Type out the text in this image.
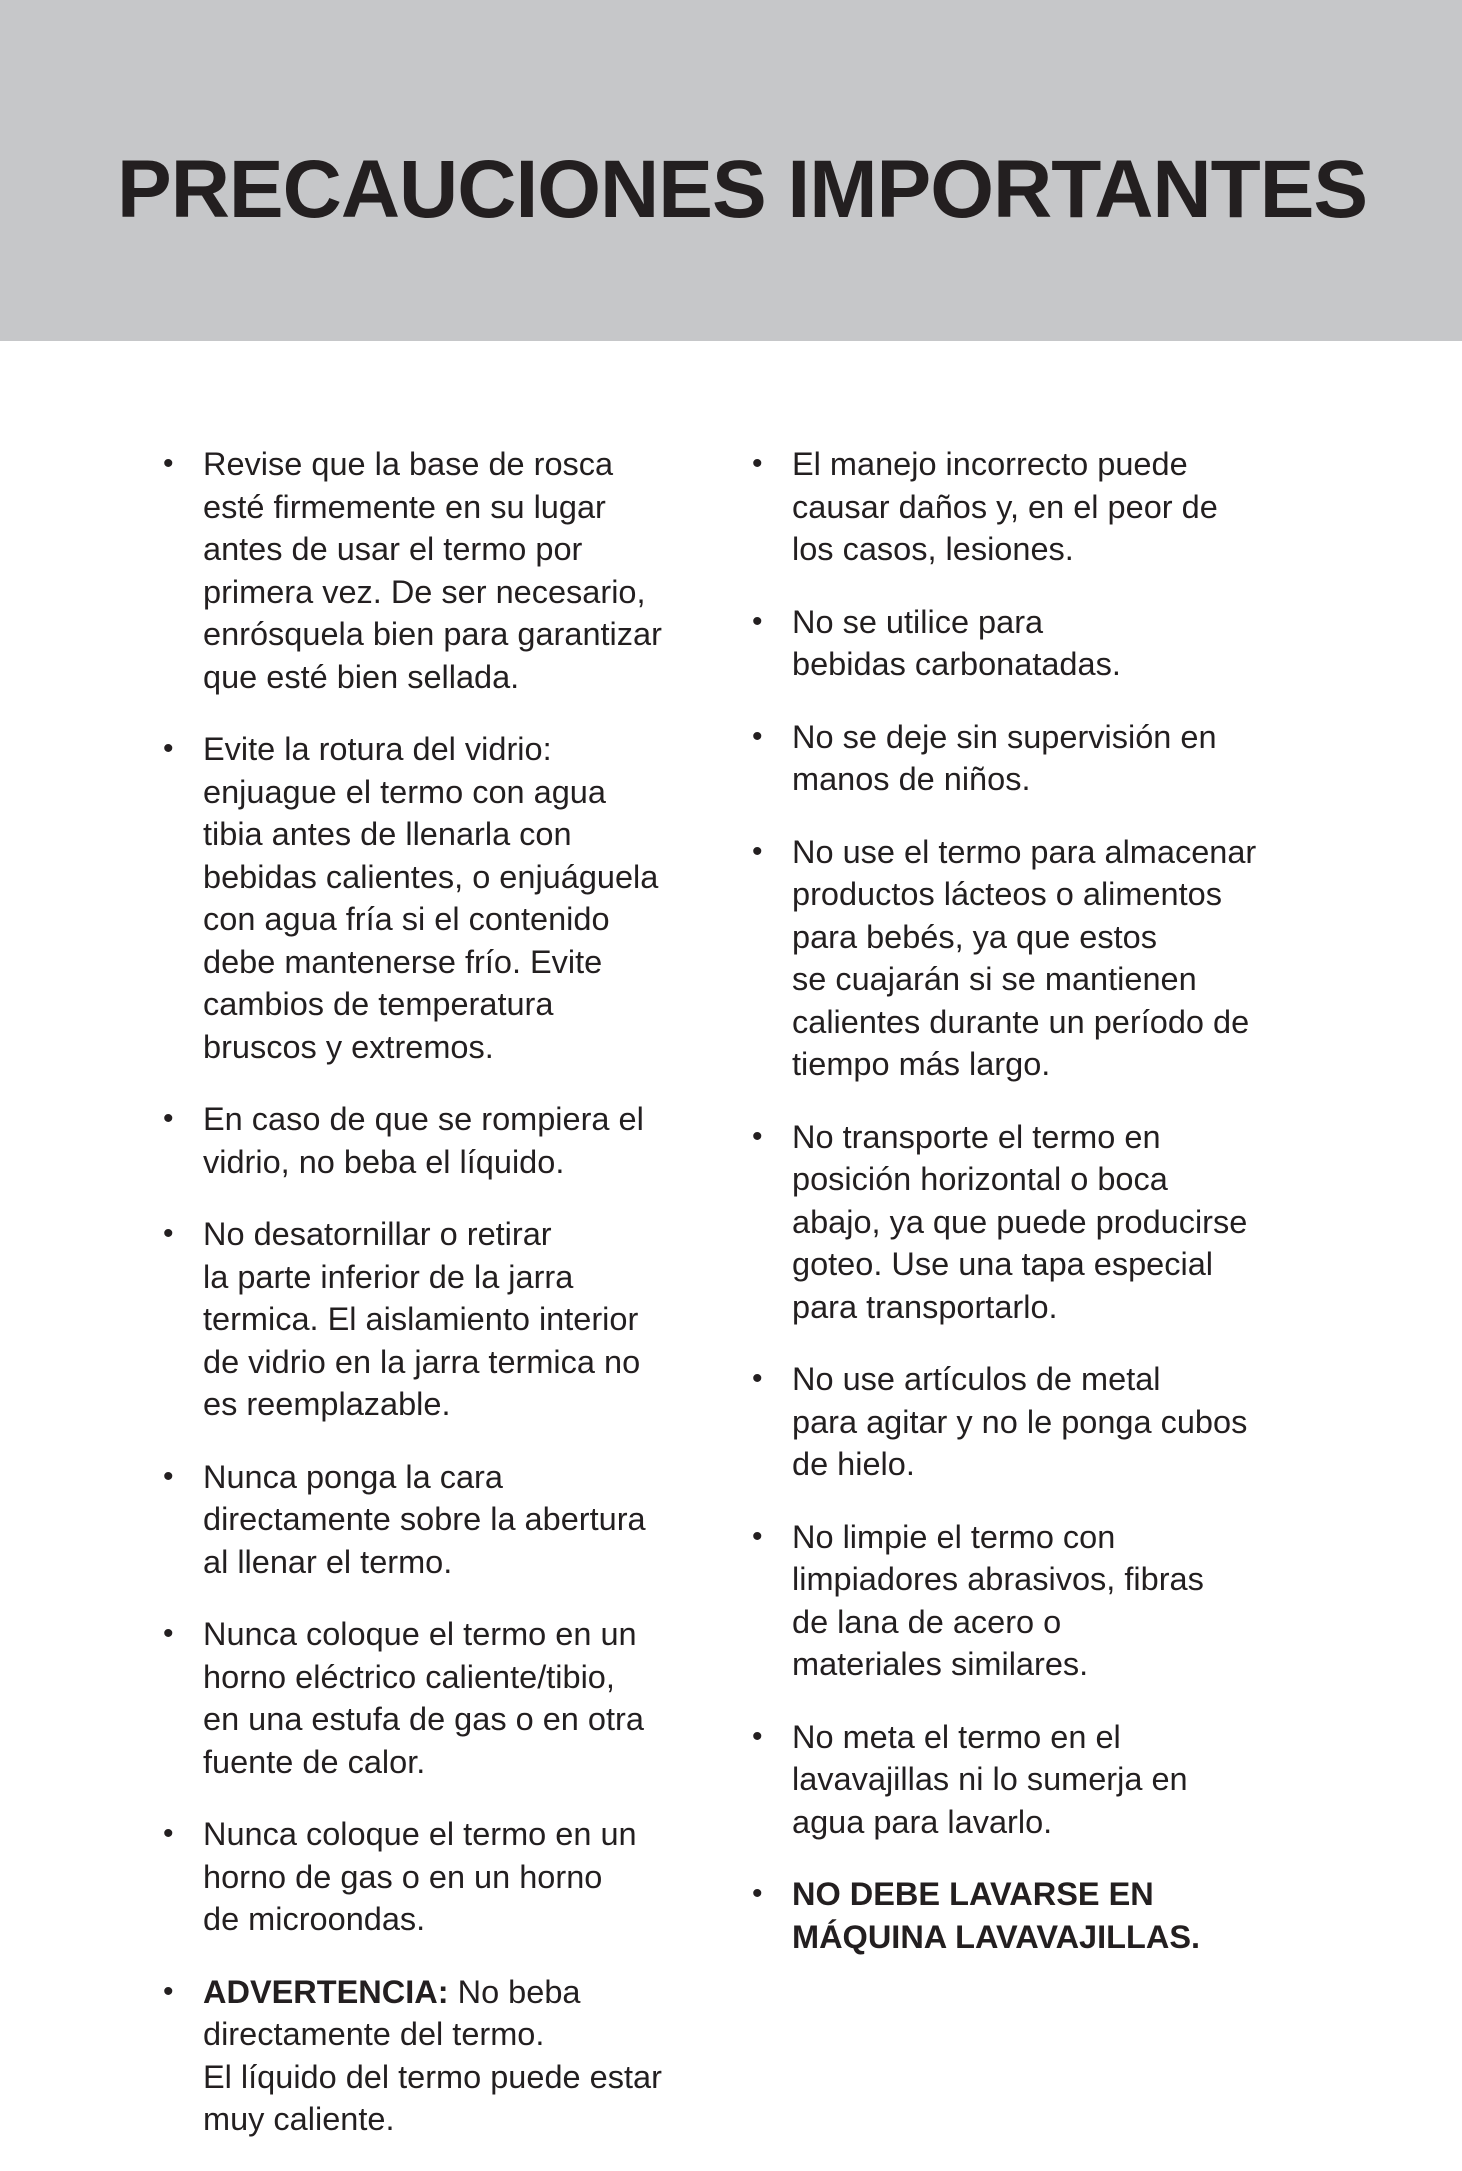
PRECAUCIONES IMPORTANTES
• Revise que la base de rosca
esté firmemente en su lugar
antes de usar el termo por
primera vez. De ser necesario,
enrósquela bien para garantizar
que esté bien sellada.
• Evite la rotura del vidrio:
enjuague el termo con agua
tibia antes de llenarla con
bebidas calientes, o enjuáguela
con agua fría si el contenido
debe mantenerse frío. Evite
cambios de temperatura
bruscos y extremos.
• En caso de que se rompiera el
vidrio, no beba el líquido.
• No desatornillar o retirar
la parte inferior de la jarra
termica. El aislamiento interior
de vidrio en la jarra termica no
es reemplazable.
• Nunca ponga la cara
directamente sobre la abertura
al llenar el termo.
• Nunca coloque el termo en un
horno eléctrico caliente/tibio,
en una estufa de gas o en otra
fuente de calor.
• Nunca coloque el termo en un
horno de gas o en un horno
de microondas.
• ADVERTENCIA: No beba
directamente del termo.
El líquido del termo puede estar
muy caliente.
• El manejo incorrecto puede
causar daños y, en el peor de
los casos, lesiones.
• No se utilice para
bebidas carbonatadas.
• No se deje sin supervisión en
manos de niños.
• No use el termo para almacenar
productos lácteos o alimentos
para bebés, ya que estos
se cuajarán si se mantienen
calientes durante un período de
tiempo más largo.
• No transporte el termo en
posición horizontal o boca
abajo, ya que puede producirse
goteo. Use una tapa especial
para transportarlo.
• No use artículos de metal
para agitar y no le ponga cubos
de hielo.
• No limpie el termo con
limpiadores abrasivos, fibras
de lana de acero o
materiales similares.
• No meta el termo en el
lavavajillas ni lo sumerja en
agua para lavarlo.
• NO DEBE LAVARSE EN
MÁQUINA LAVAVAJILLAS.
